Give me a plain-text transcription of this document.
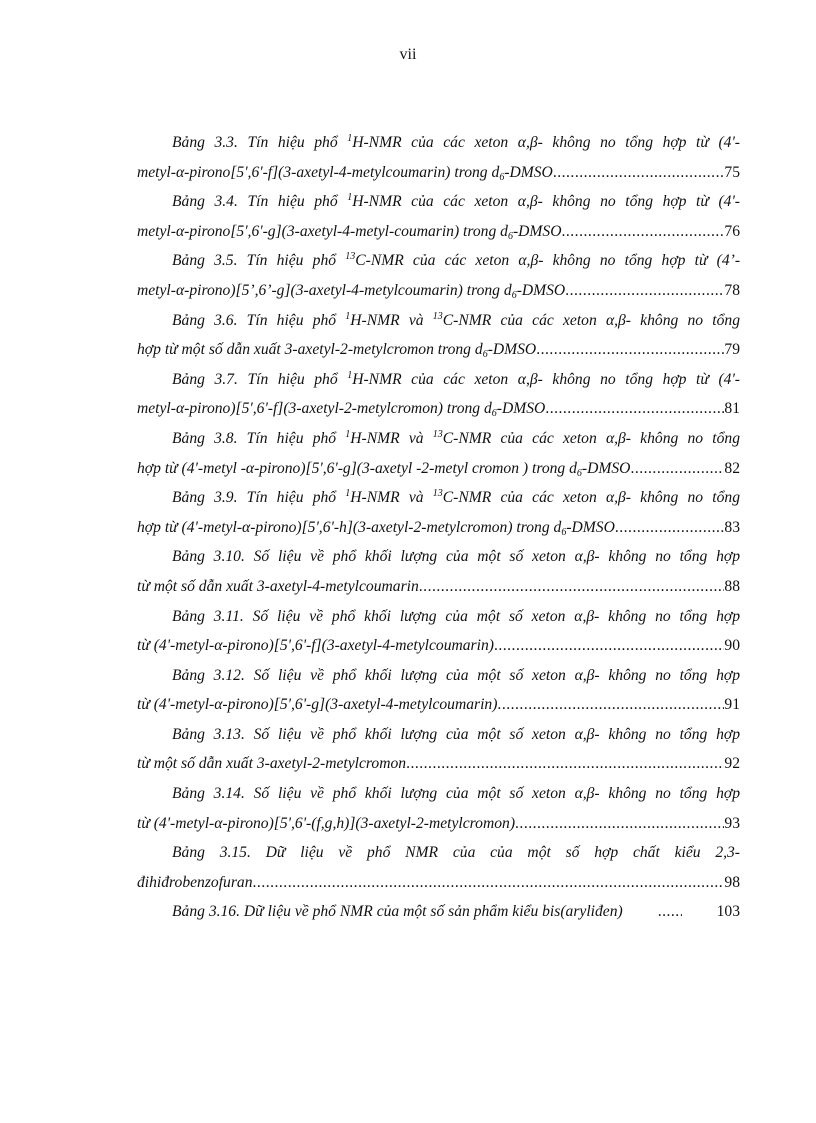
vii
Bảng 3.3. Tín hiệu phổ $^1$H-NMR của các xeton α,β- không no tổng hợp từ (4'-
metyl-α-pirono[5',6'-f](3-axetyl-4-metylcoumarin) trong $d_6$-DMSO .....	75
Bảng 3.4. Tín hiệu phổ $^1$H-NMR của các xeton α,β- không no tổng hợp từ (4'-
metyl-α-pirono[5',6'-g](3-axetyl-4-metyl-coumarin) trong $d_6$-DMSO .....	76
Bảng 3.5. Tín hiệu phổ $^{13}$C-NMR của các xeton α,β- không no tổng hợp từ (4’-
metyl-α-pirono)[5’,6’-g](3-axetyl-4-metylcoumarin) trong $d_6$-DMSO .....	78
Bảng 3.6. Tín hiệu phổ $^1$H-NMR và $^{13}$C-NMR của các xeton α,β- không no tổng
hợp từ một số dẫn xuất 3-axetyl-2-metylcromon trong $d_6$-DMSO .....	79
Bảng 3.7. Tín hiệu phổ $^1$H-NMR của các xeton α,β- không no tổng hợp từ (4'-
metyl-α-pirono)[5',6'-f](3-axetyl-2-metylcromon) trong $d_6$-DMSO .....	81
Bảng 3.8. Tín hiệu phổ $^1$H-NMR và $^{13}$C-NMR của các xeton α,β- không no tổng
hợp từ (4'-metyl -α-pirono)[5',6'-g](3-axetyl -2-metyl cromon ) trong $d_6$-DMSO .....	82
Bảng 3.9. Tín hiệu phổ $^1$H-NMR và $^{13}$C-NMR của các xeton α,β- không no tổng
hợp từ (4'-metyl-α-pirono)[5',6'-h](3-axetyl-2-metylcromon) trong $d_6$-DMSO .....	83
Bảng 3.10. Số liệu về phổ khối lượng của một số xeton α,β- không no tổng hợp
từ một số dẫn xuất 3-axetyl-4-metylcoumarin .....	88
Bảng 3.11. Số liệu về phổ khối lượng của một số xeton α,β- không no tổng hợp
từ (4'-metyl-α-pirono)[5',6'-f](3-axetyl-4-metylcoumarin) .....	90
Bảng 3.12. Số liệu về phổ khối lượng của một số xeton α,β- không no tổng hợp
từ (4'-metyl-α-pirono)[5',6'-g](3-axetyl-4-metylcoumarin) .....	91
Bảng 3.13. Số liệu về phổ khối lượng của một số xeton α,β- không no tổng hợp
từ một số dẫn xuất 3-axetyl-2-metylcromon .....	92
Bảng 3.14. Số liệu về phổ khối lượng của một số xeton α,β- không no tổng hợp
từ (4'-metyl-α-pirono)[5',6'-(f,g,h)](3-axetyl-2-metylcromon) .....	93
Bảng 3.15. Dữ liệu về phổ NMR của của một số hợp chất kiểu 2,3-
đihiđrobenzofuran .....	98
Bảng 3.16. Dữ liệu về phổ NMR của một số sản phẩm kiểu bis(aryliđen) .....	103
